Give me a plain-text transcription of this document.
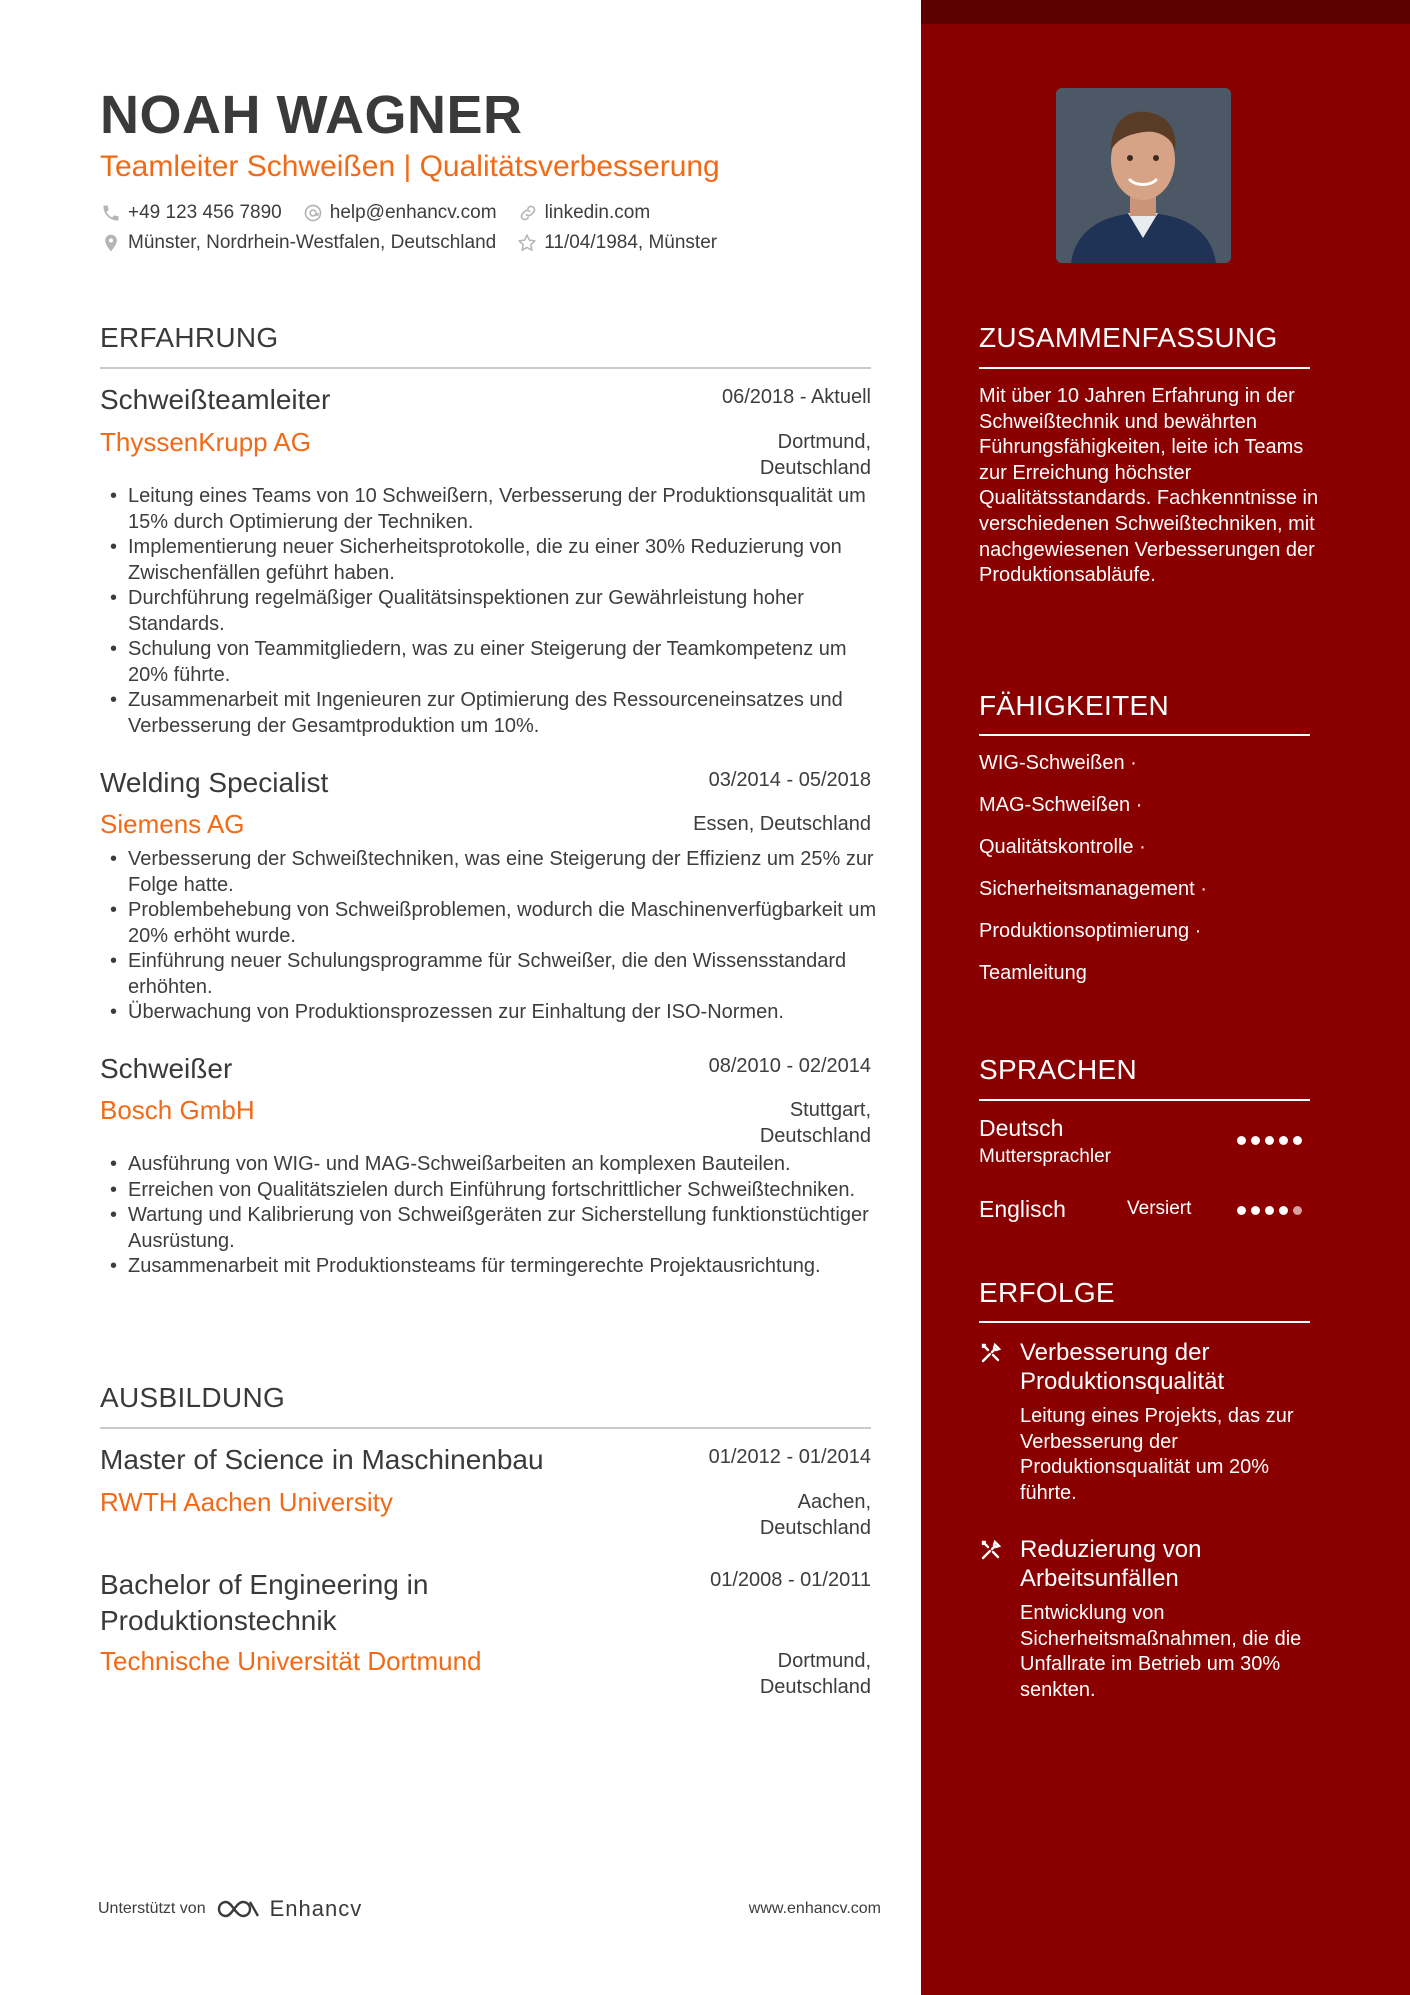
NOAH WAGNER
Teamleiter Schweißen | Qualitätsverbesserung
+49 123 456 7890	help@enhancv.com	linkedin.com
Münster, Nordrhein-Westfalen, Deutschland	11/04/1984, Münster
ERFAHRUNG
Schweißteamleiter	06/2018 - Aktuell
ThyssenKrupp AG	Dortmund, Deutschland
• Leitung eines Teams von 10 Schweißern, Verbesserung der Produktionsqualität um 15% durch Optimierung der Techniken.
• Implementierung neuer Sicherheitsprotokolle, die zu einer 30% Reduzierung von Zwischenfällen geführt haben.
• Durchführung regelmäßiger Qualitätsinspektionen zur Gewährleistung hoher Standards.
• Schulung von Teammitgliedern, was zu einer Steigerung der Teamkompetenz um 20% führte.
• Zusammenarbeit mit Ingenieuren zur Optimierung des Ressourceneinsatzes und Verbesserung der Gesamtproduktion um 10%.
Welding Specialist	03/2014 - 05/2018
Siemens AG	Essen, Deutschland
• Verbesserung der Schweißtechniken, was eine Steigerung der Effizienz um 25% zur Folge hatte.
• Problembehebung von Schweißproblemen, wodurch die Maschinenverfügbarkeit um 20% erhöht wurde.
• Einführung neuer Schulungsprogramme für Schweißer, die den Wissensstandard erhöhten.
• Überwachung von Produktionsprozessen zur Einhaltung der ISO-Normen.
Schweißer	08/2010 - 02/2014
Bosch GmbH	Stuttgart, Deutschland
• Ausführung von WIG- und MAG-Schweißarbeiten an komplexen Bauteilen.
• Erreichen von Qualitätszielen durch Einführung fortschrittlicher Schweißtechniken.
• Wartung und Kalibrierung von Schweißgeräten zur Sicherstellung funktionstüchtiger Ausrüstung.
• Zusammenarbeit mit Produktionsteams für termingerechte Projektausrichtung.
AUSBILDUNG
Master of Science in Maschinenbau	01/2012 - 01/2014
RWTH Aachen University	Aachen, Deutschland
Bachelor of Engineering in Produktionstechnik
01/2008 - 01/2011
Technische Universität Dortmund	Dortmund, Deutschland
Unterstützt von	Enhancv	www.enhancv.com
ZUSAMMENFASSUNG
Mit über 10 Jahren Erfahrung in der Schweißtechnik und bewährten Führungsfähigkeiten, leite ich Teams zur Erreichung höchster Qualitätsstandards. Fachkenntnisse in verschiedenen Schweißtechniken, mit nachgewiesenen Verbesserungen der Produktionsabläufe.
FÄHIGKEITEN
WIG-Schweißen ·
MAG-Schweißen ·
Qualitätskontrolle ·
Sicherheitsmanagement ·
Produktionsoptimierung ·
Teamleitung
SPRACHEN
Deutsch
Muttersprachler
Englisch	Versiert
ERFOLGE
Verbesserung der Produktionsqualität
Leitung eines Projekts, das zur Verbesserung der Produktionsqualität um 20% führte.
Reduzierung von Arbeitsunfällen
Entwicklung von Sicherheitsmaßnahmen, die die Unfallrate im Betrieb um 30% senkten.
